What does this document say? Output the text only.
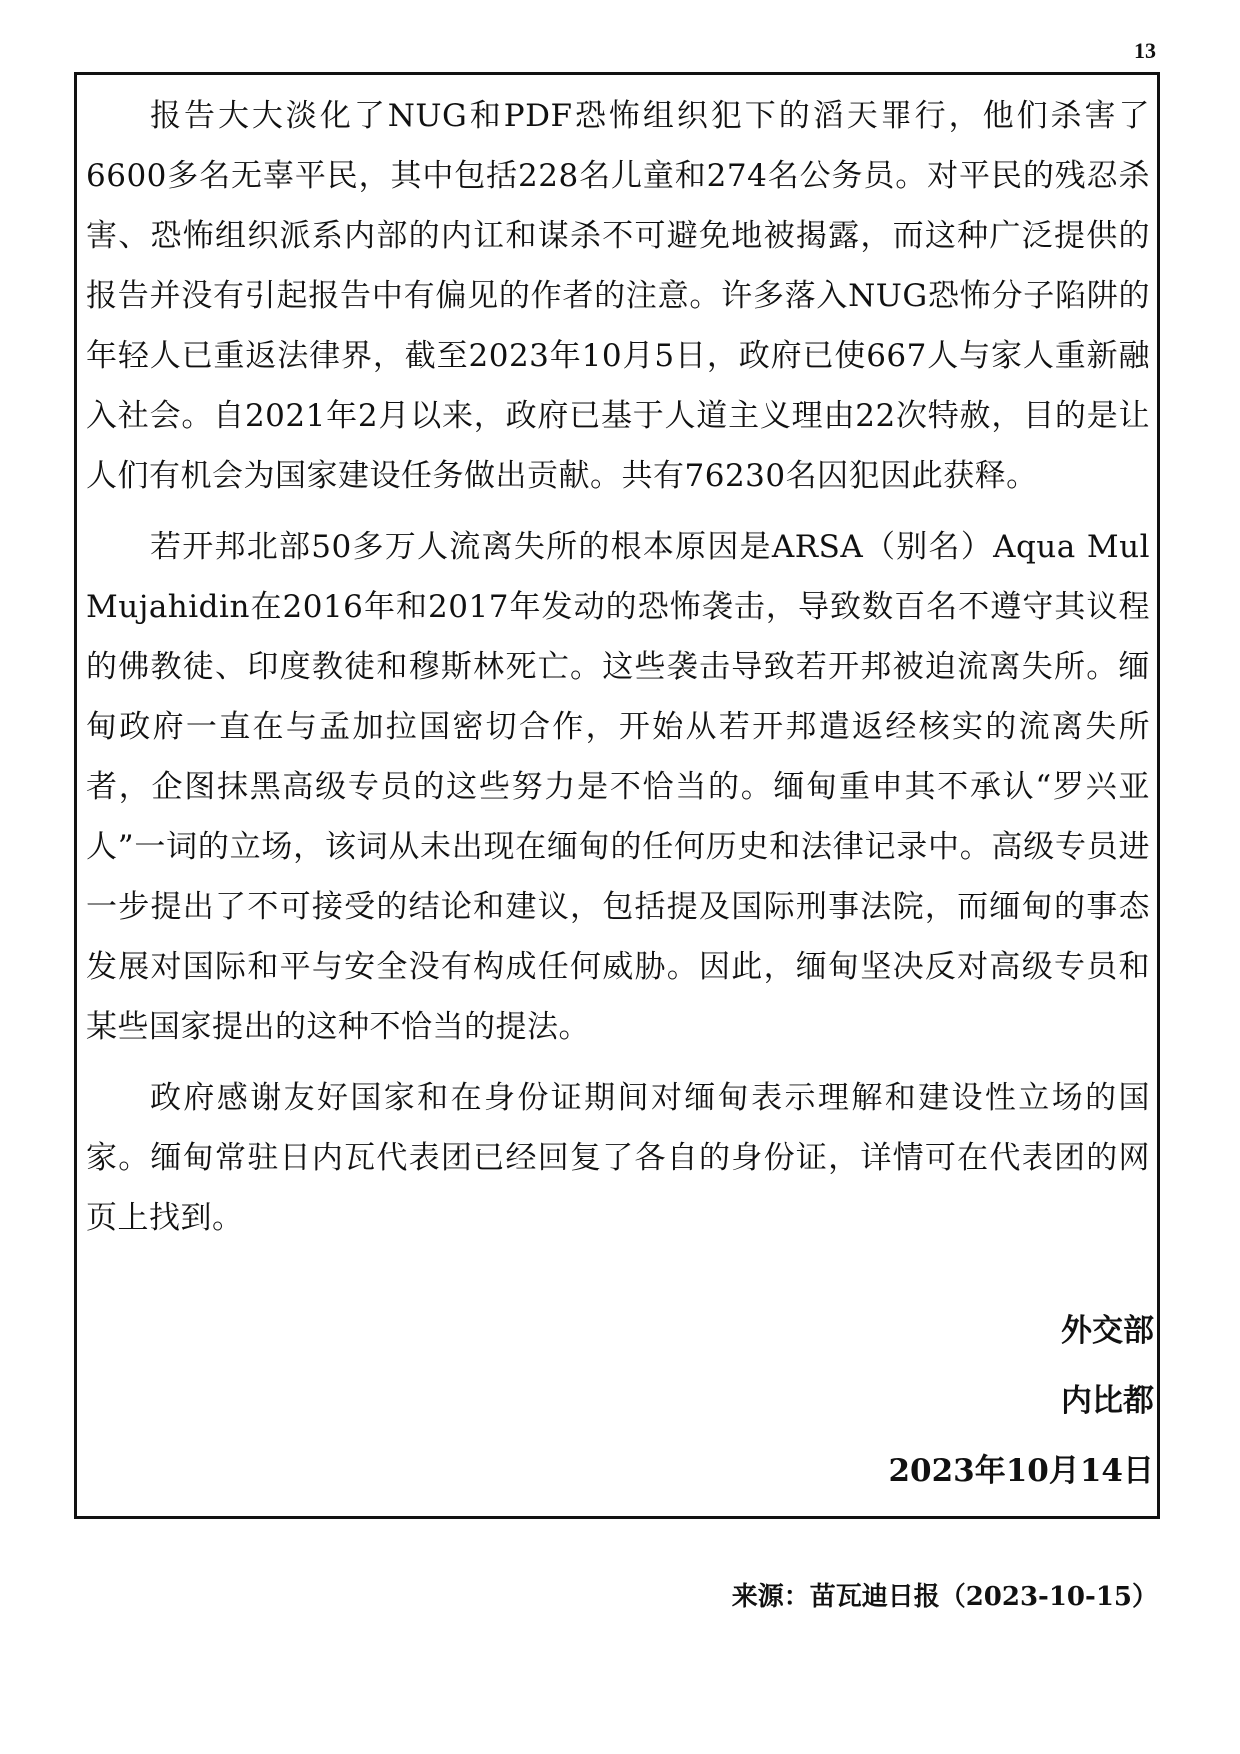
13

报告大大淡化了NUG和PDF恐怖组织犯下的滔天罪行，他们杀害了6600多名无辜平民，其中包括228名儿童和274名公务员。对平民的残忍杀害、恐怖组织派系内部的内讧和谋杀不可避免地被揭露，而这种广泛提供的报告并没有引起报告中有偏见的作者的注意。许多落入NUG恐怖分子陷阱的年轻人已重返法律界，截至2023年10月5日，政府已使667人与家人重新融入社会。自2021年2月以来，政府已基于人道主义理由22次特赦，目的是让人们有机会为国家建设任务做出贡献。共有76230名囚犯因此获释。

若开邦北部50多万人流离失所的根本原因是ARSA（别名）Aqua Mul Mujahidin在2016年和2017年发动的恐怖袭击，导致数百名不遵守其议程的佛教徒、印度教徒和穆斯林死亡。这些袭击导致若开邦被迫流离失所。缅甸政府一直在与孟加拉国密切合作，开始从若开邦遣返经核实的流离失所者，企图抹黑高级专员的这些努力是不恰当的。缅甸重申其不承认“罗兴亚人”一词的立场，该词从未出现在缅甸的任何历史和法律记录中。高级专员进一步提出了不可接受的结论和建议，包括提及国际刑事法院，而缅甸的事态发展对国际和平与安全没有构成任何威胁。因此，缅甸坚决反对高级专员和某些国家提出的这种不恰当的提法。

政府感谢友好国家和在身份证期间对缅甸表示理解和建设性立场的国家。缅甸常驻日内瓦代表团已经回复了各自的身份证，详情可在代表团的网页上找到。

外交部
内比都
2023年10月14日
来源：苗瓦迪日报（2023-10-15）
